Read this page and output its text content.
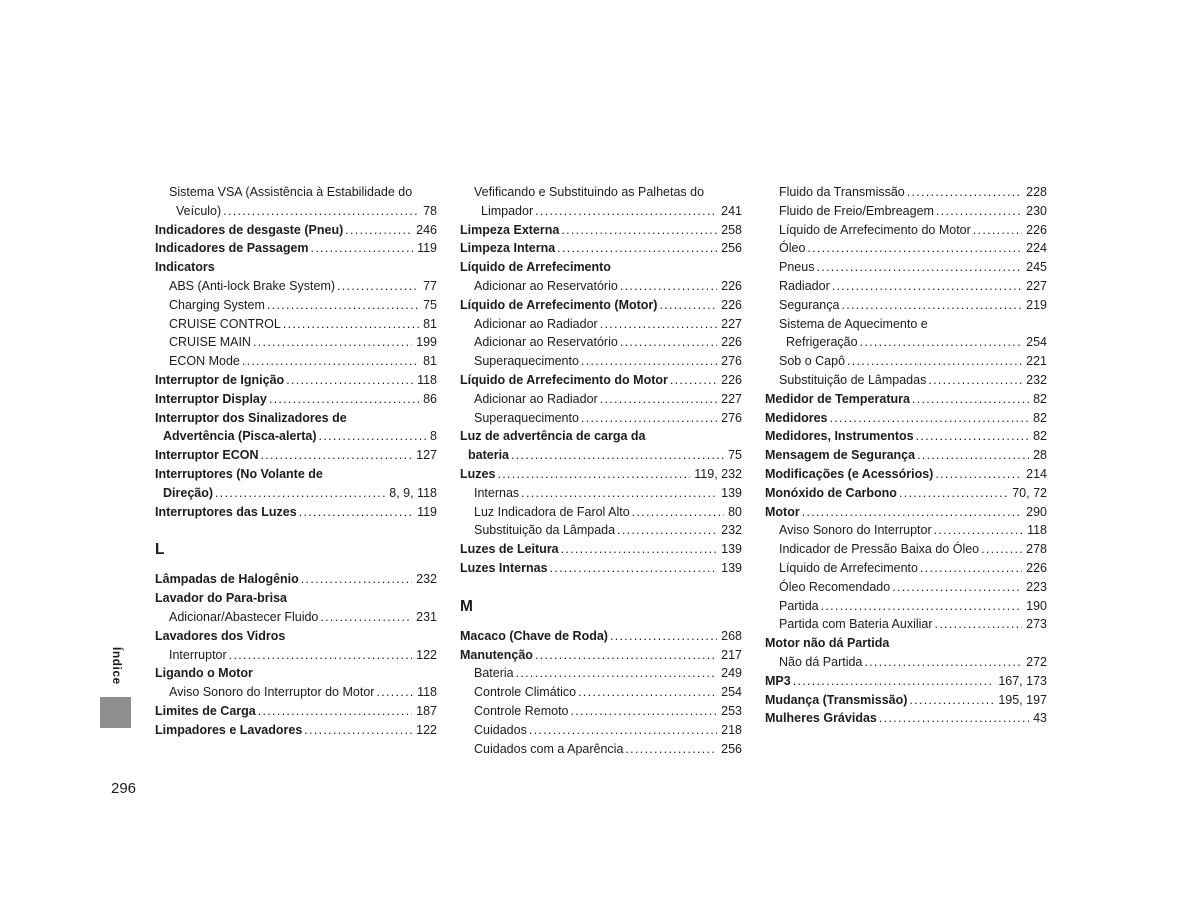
Sistema VSA (Assistência à Estabilidade do
Veículo) .....	78
Indicadores de desgaste (Pneu) .....	246
Indicadores de Passagem .....	119
Indicators
ABS (Anti-lock Brake System) .....	77
Charging System .....	75
CRUISE CONTROL .....	81
CRUISE MAIN .....	199
ECON Mode .....	81
Interruptor de Ignição .....	118
Interruptor Display .....	86
Interruptor dos Sinalizadores de
Advertência (Pisca-alerta) .....	8
Interruptor ECON .....	127
Interruptores (No Volante de
Direção) .....	8, 9, 118
Interruptores das Luzes .....	119
L
Lâmpadas de Halogênio .....	232
Lavador do Para-brisa
Adicionar/Abastecer Fluido .....	231
Lavadores dos Vidros
Interruptor .....	122
Ligando o Motor
Aviso Sonoro do Interruptor do Motor .....	118
Limites de Carga .....	187
Limpadores e Lavadores .....	122
Vefificando e Substituindo as Palhetas do
Limpador .....	241
Limpeza Externa .....	258
Limpeza Interna .....	256
Líquido de Arrefecimento
Adicionar ao Reservatório .....	226
Líquido de Arrefecimento (Motor) .....	226
Adicionar ao Radiador .....	227
Adicionar ao Reservatório .....	226
Superaquecimento .....	276
Líquido de Arrefecimento do Motor .....	226
Adicionar ao Radiador .....	227
Superaquecimento .....	276
Luz de advertência de carga da
bateria .....	75
Luzes .....	119, 232
Internas .....	139
Luz Indicadora de Farol Alto .....	80
Substituição da Lâmpada .....	232
Luzes de Leitura .....	139
Luzes Internas .....	139
M
Macaco (Chave de Roda) .....	268
Manutenção .....	217
Bateria .....	249
Controle Climático .....	254
Controle Remoto .....	253
Cuidados .....	218
Cuidados com a Aparência .....	256
Fluido da Transmissão .....	228
Fluido de Freio/Embreagem .....	230
Líquido de Arrefecimento do Motor .....	226
Óleo .....	224
Pneus .....	245
Radiador .....	227
Segurança .....	219
Sistema de Aquecimento e
Refrigeração .....	254
Sob o Capô .....	221
Substituição de Lâmpadas .....	232
Medidor de Temperatura .....	82
Medidores .....	82
Medidores, Instrumentos .....	82
Mensagem de Segurança .....	28
Modificações (e Acessórios) .....	214
Monóxido de Carbono .....	70, 72
Motor .....	290
Aviso Sonoro do Interruptor .....	118
Indicador de Pressão Baixa do Óleo .....	278
Líquido de Arrefecimento .....	226
Óleo Recomendado .....	223
Partida .....	190
Partida com Bateria Auxiliar .....	273
Motor não dá Partida
Não dá Partida .....	272
MP3 .....	167, 173
Mudança (Transmissão) .....	195, 197
Mulheres Grávidas .....	43
Índice
296
